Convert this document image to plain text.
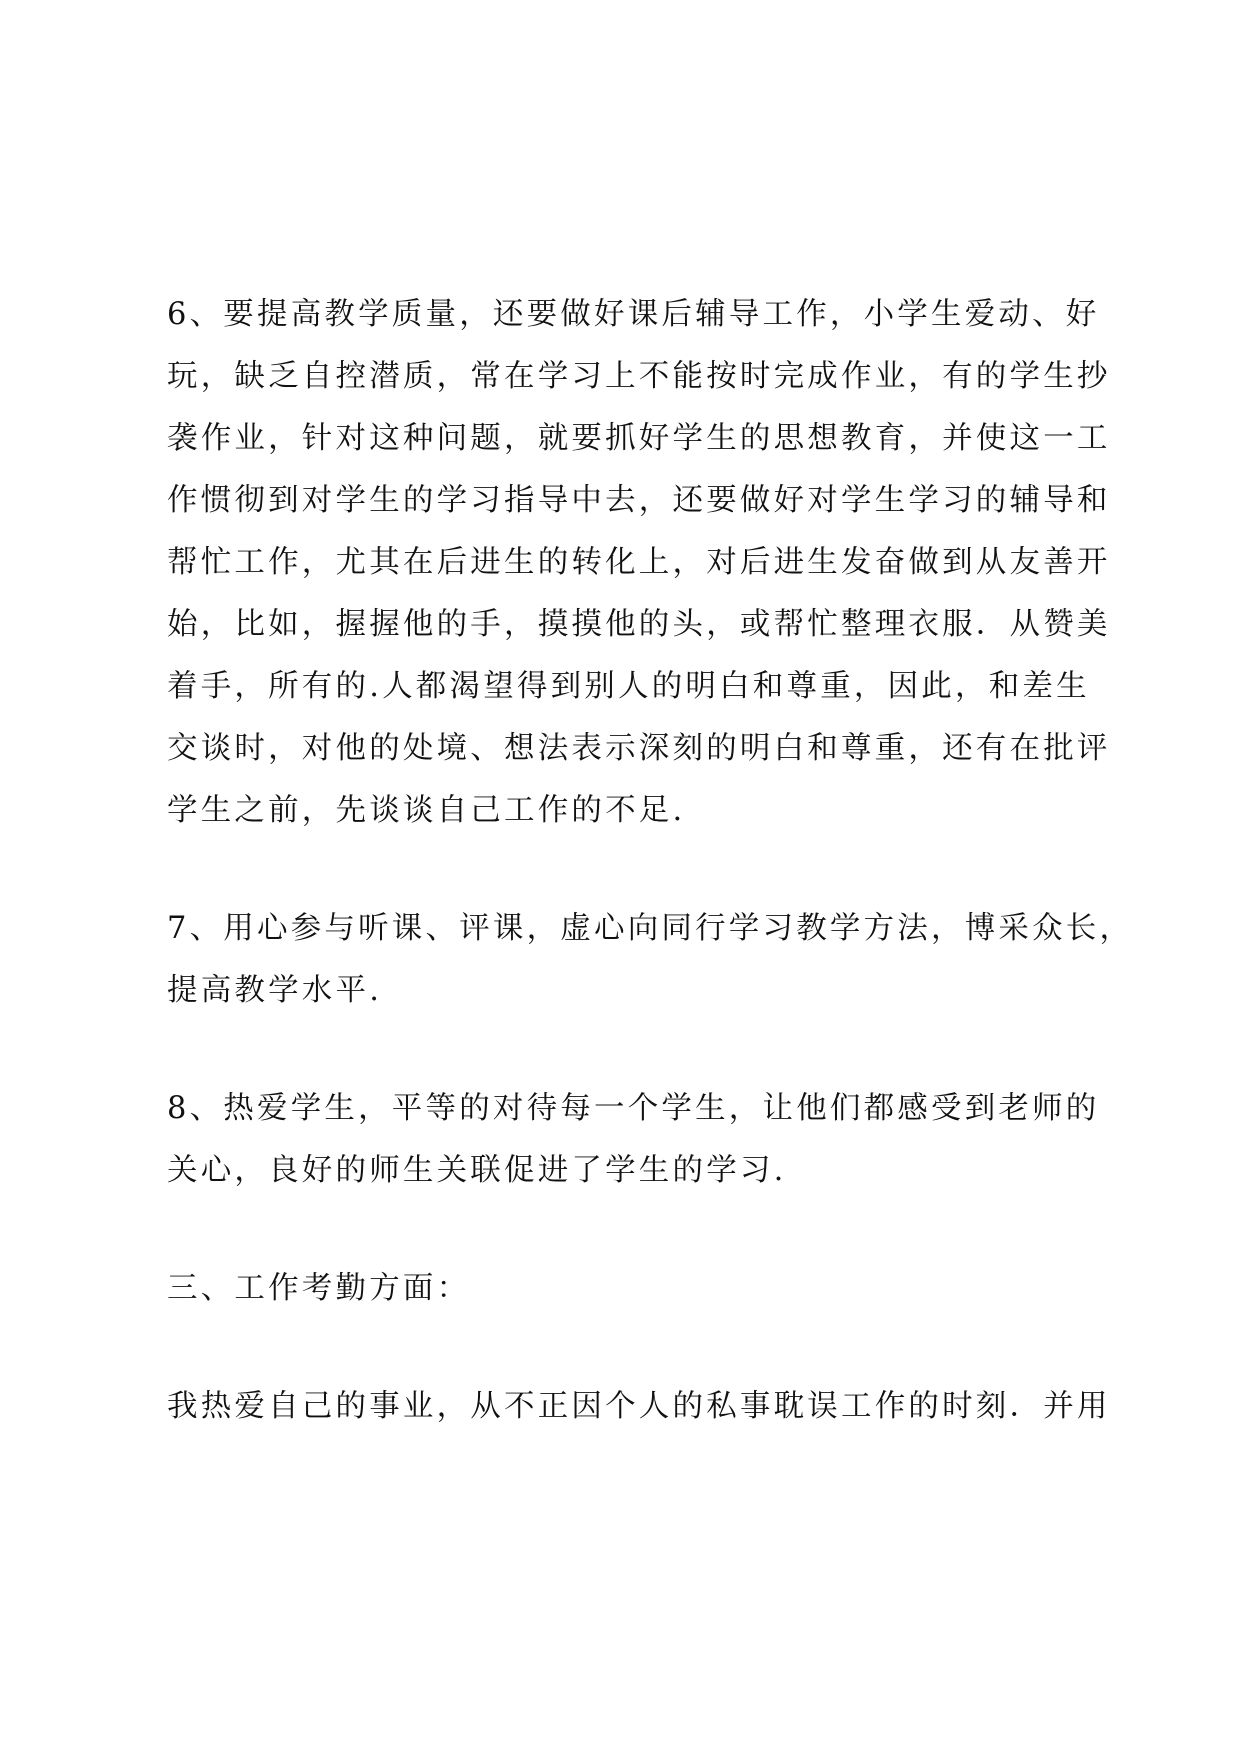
6、要提高教学质量，还要做好课后辅导工作，小学生爱动、好
玩，缺乏自控潜质，常在学习上不能按时完成作业，有的学生抄
袭作业，针对这种问题，就要抓好学生的思想教育，并使这一工
作惯彻到对学生的学习指导中去，还要做好对学生学习的辅导和
帮忙工作，尤其在后进生的转化上，对后进生发奋做到从友善开
始，比如，握握他的手，摸摸他的头，或帮忙整理衣服．从赞美
着手，所有的.人都渴望得到别人的明白和尊重，因此，和差生
交谈时，对他的处境、想法表示深刻的明白和尊重，还有在批评
学生之前，先谈谈自己工作的不足.

7、用心参与听课、评课，虚心向同行学习教学方法，博采众长，
提高教学水平.

8、热爱学生，平等的对待每一个学生，让他们都感受到老师的
关心，良好的师生关联促进了学生的学习.

三、工作考勤方面：

我热爱自己的事业，从不正因个人的私事耽误工作的时刻．并用
